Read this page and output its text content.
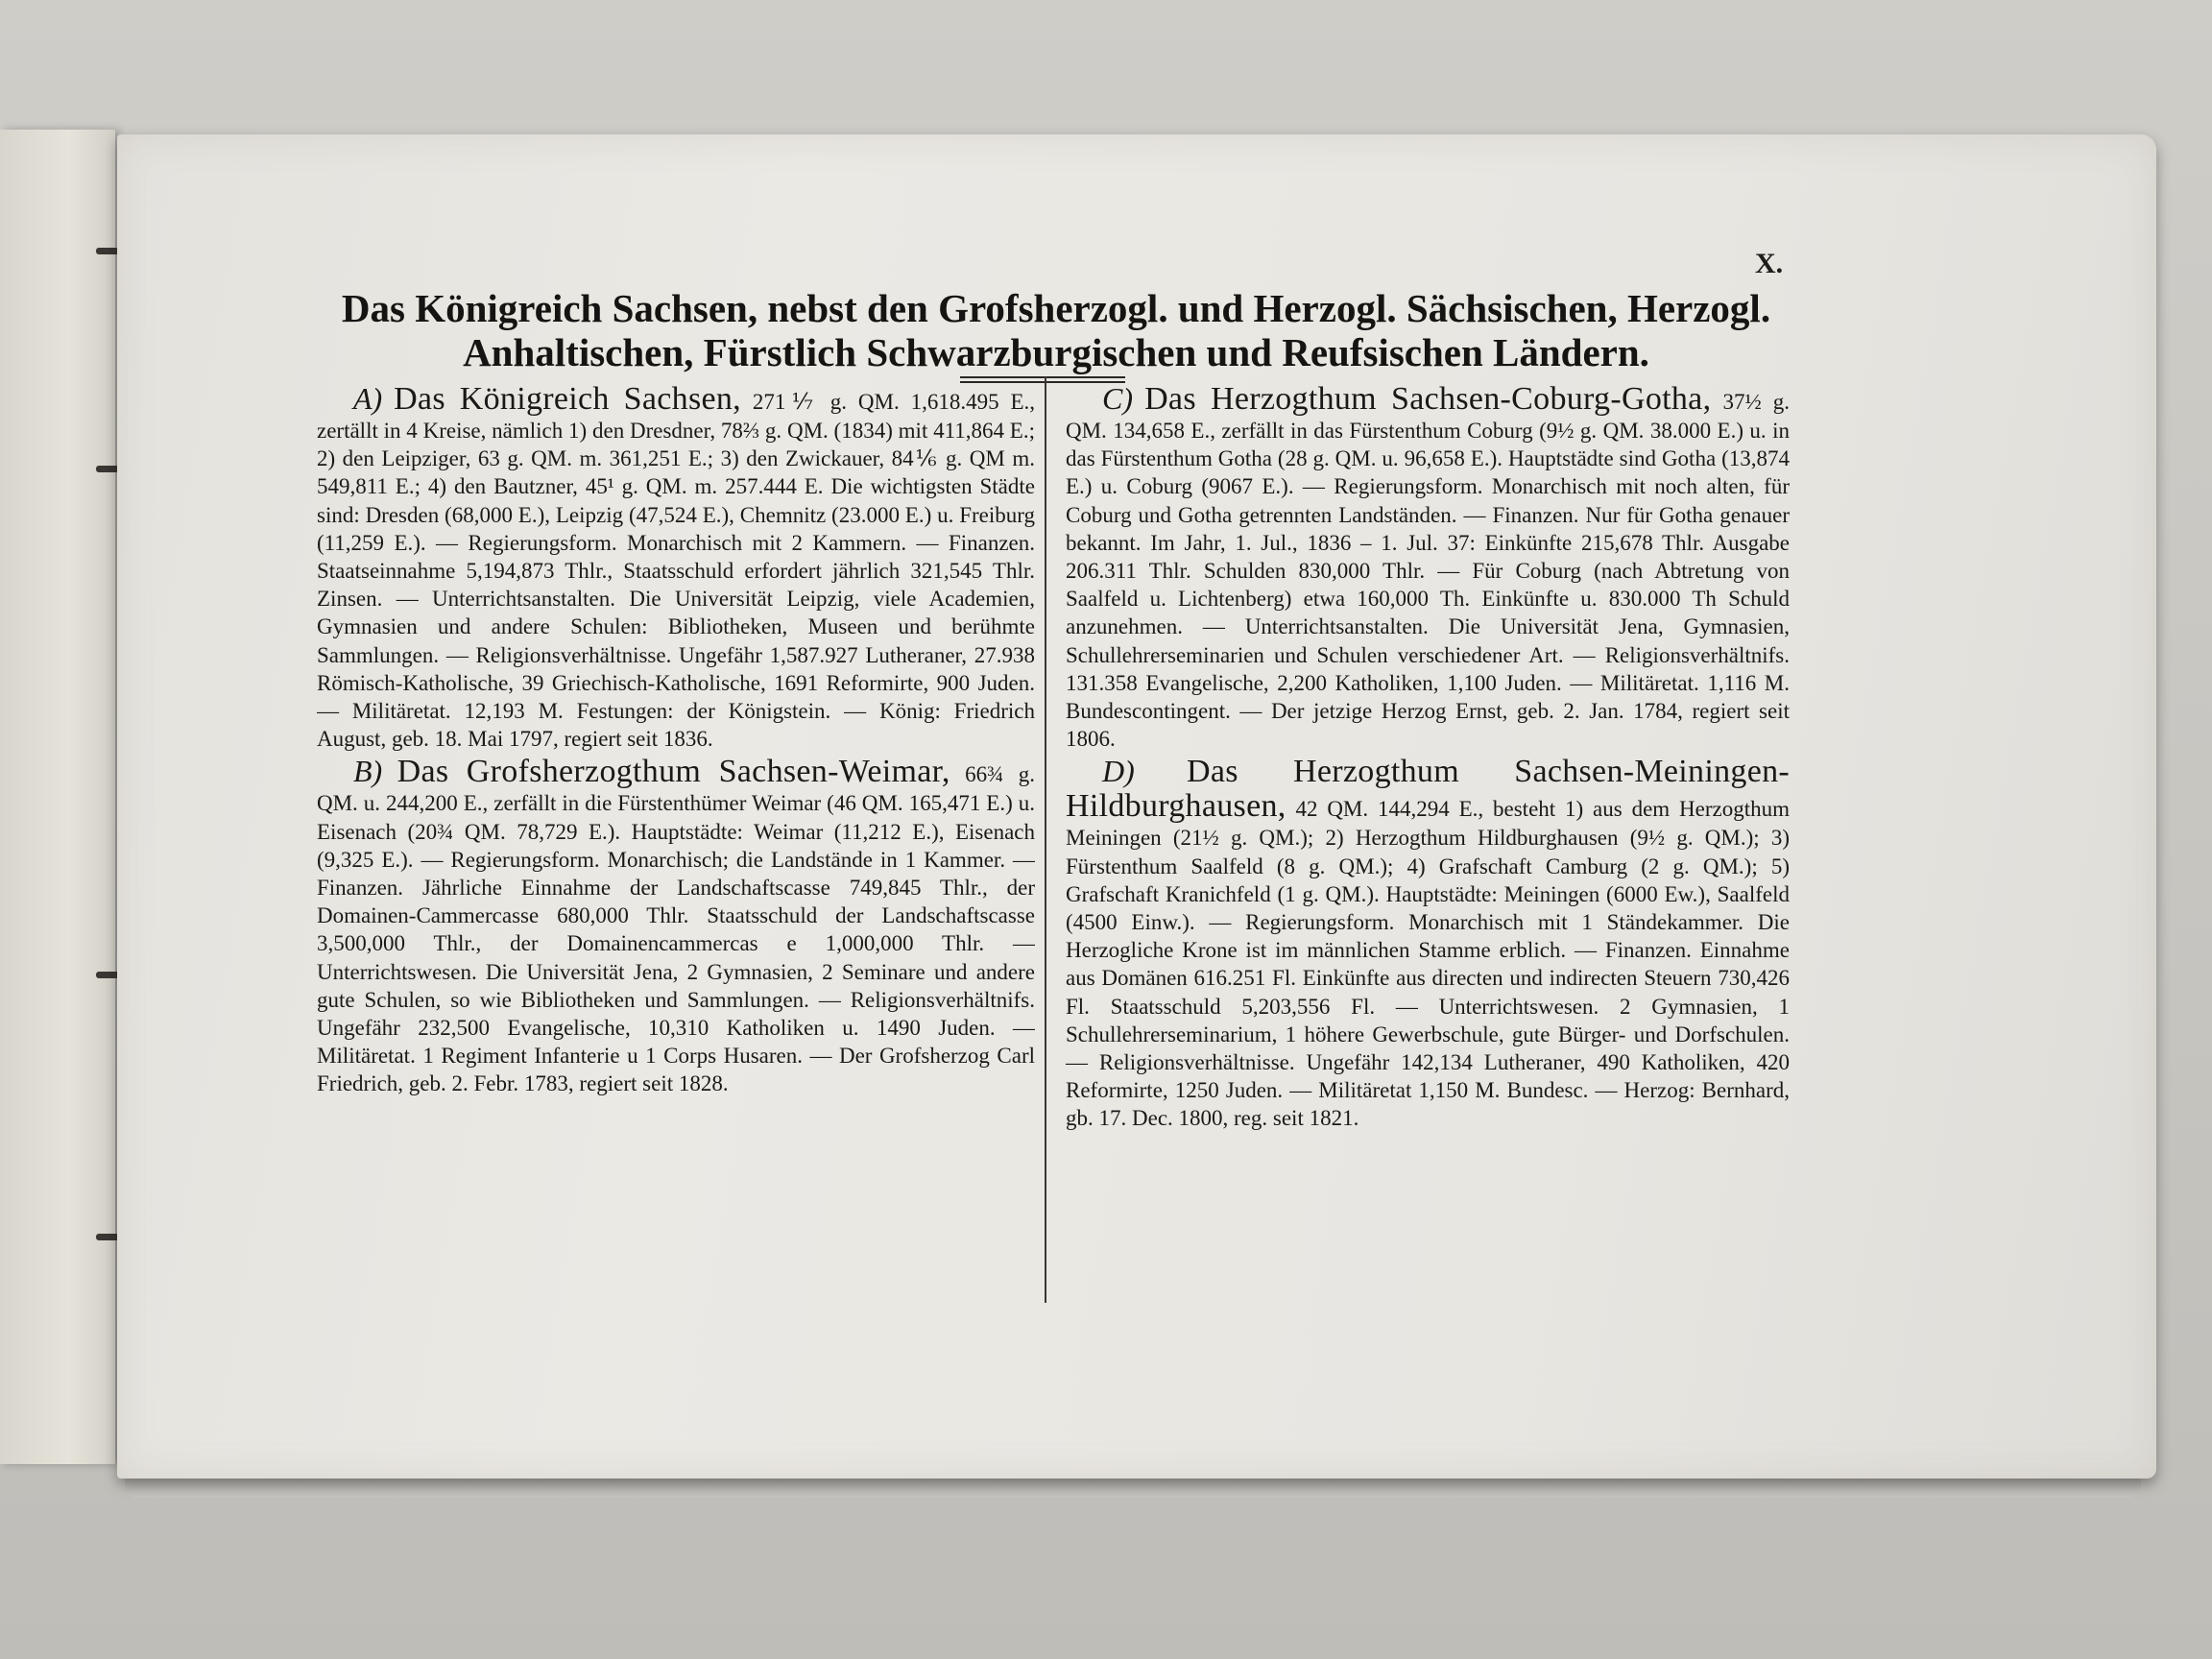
X.
Das Königreich Sachsen, nebst den Grofsherzogl. und Herzogl. Sächsischen, Herzogl.
Anhaltischen, Fürstlich Schwarzburgischen und Reufsischen Ländern.

A) Das Königreich Sachsen, 271⅐ g. QM. 1,618.495 E., zertällt in 4 Kreise, nämlich 1) den Dresdner, 78⅔ g. QM. (1834) mit 411,864 E.; 2) den Leipziger, 63 g. QM. m. 361,251 E.; 3) den Zwickauer, 84⅙ g. QM m. 549,811 E.; 4) den Bautzner, 45¹ g. QM. m. 257.444 E. Die wichtigsten Städte sind: Dresden (68,000 E.), Leipzig (47,524 E.), Chemnitz (23.000 E.) u. Freiburg (11,259 E.). — Regierungsform. Monarchisch mit 2 Kammern. — Finanzen. Staatseinnahme 5,194,873 Thlr., Staatsschuld erfordert jährlich 321,545 Thlr. Zinsen. — Unterrichtsanstalten. Die Universität Leipzig, viele Academien, Gymnasien und andere Schulen: Bibliotheken, Museen und berühmte Sammlungen. — Religionsverhältnisse. Ungefähr 1,587.927 Lutheraner, 27.938 Römisch-Katholische, 39 Griechisch-Katholische, 1691 Reformirte, 900 Juden. — Militäretat. 12,193 M. Festungen: der Königstein. — König: Friedrich August, geb. 18. Mai 1797, regiert seit 1836.

B) Das Grofsherzogthum Sachsen-Weimar, 66¾ g. QM. u. 244,200 E., zerfällt in die Fürstenthümer Weimar (46 QM. 165,471 E.) u. Eisenach (20¾ QM. 78,729 E.). Hauptstädte: Weimar (11,212 E.), Eisenach (9,325 E.). — Regierungsform. Monarchisch; die Landstände in 1 Kammer. — Finanzen. Jährliche Einnahme der Landschaftscasse 749,845 Thlr., der Domainen-Cammercasse 680,000 Thlr. Staatsschuld der Landschaftscasse 3,500,000 Thlr., der Domainencammercas e 1,000,000 Thlr. — Unterrichtswesen. Die Universität Jena, 2 Gymnasien, 2 Seminare und andere gute Schulen, so wie Bibliotheken und Sammlungen. — Religionsverhältnifs. Ungefähr 232,500 Evangelische, 10,310 Katholiken u. 1490 Juden. — Militäretat. 1 Regiment Infanterie u 1 Corps Husaren. — Der Grofsherzog Carl Friedrich, geb. 2. Febr. 1783, regiert seit 1828.

C) Das Herzogthum Sachsen-Coburg-Gotha, 37½ g. QM. 134,658 E., zerfällt in das Fürstenthum Coburg (9½ g. QM. 38.000 E.) u. in das Fürstenthum Gotha (28 g. QM. u. 96,658 E.). Hauptstädte sind Gotha (13,874 E.) u. Coburg (9067 E.). — Regierungsform. Monarchisch mit noch alten, für Coburg und Gotha getrennten Landständen. — Finanzen. Nur für Gotha genauer bekannt. Im Jahr, 1. Jul., 1836 – 1. Jul. 37: Einkünfte 215,678 Thlr. Ausgabe 206.311 Thlr. Schulden 830,000 Thlr. — Für Coburg (nach Abtretung von Saalfeld u. Lichtenberg) etwa 160,000 Th. Einkünfte u. 830.000 Th Schuld anzunehmen. — Unterrichtsanstalten. Die Universität Jena, Gymnasien, Schullehrerseminarien und Schulen verschiedener Art. — Religionsverhältnifs. 131.358 Evangelische, 2,200 Katholiken, 1,100 Juden. — Militäretat. 1,116 M. Bundescontingent. — Der jetzige Herzog Ernst, geb. 2. Jan. 1784, regiert seit 1806.

D) Das Herzogthum Sachsen-Meiningen-Hildburghausen, 42 QM. 144,294 E., besteht 1) aus dem Herzogthum Meiningen (21½ g. QM.); 2) Herzogthum Hildburghausen (9½ g. QM.); 3) Fürstenthum Saalfeld (8 g. QM.); 4) Grafschaft Camburg (2 g. QM.); 5) Grafschaft Kranichfeld (1 g. QM.). Hauptstädte: Meiningen (6000 Ew.), Saalfeld (4500 Einw.). — Regierungsform. Monarchisch mit 1 Ständekammer. Die Herzogliche Krone ist im männlichen Stamme erblich. — Finanzen. Einnahme aus Domänen 616.251 Fl. Einkünfte aus directen und indirecten Steuern 730,426 Fl. Staatsschuld 5,203,556 Fl. — Unterrichtswesen. 2 Gymnasien, 1 Schullehrerseminarium, 1 höhere Gewerbschule, gute Bürger- und Dorfschulen. — Religionsverhältnisse. Ungefähr 142,134 Lutheraner, 490 Katholiken, 420 Reformirte, 1250 Juden. — Militäretat 1,150 M. Bundesc. — Herzog: Bernhard, gb. 17. Dec. 1800, reg. seit 1821.
